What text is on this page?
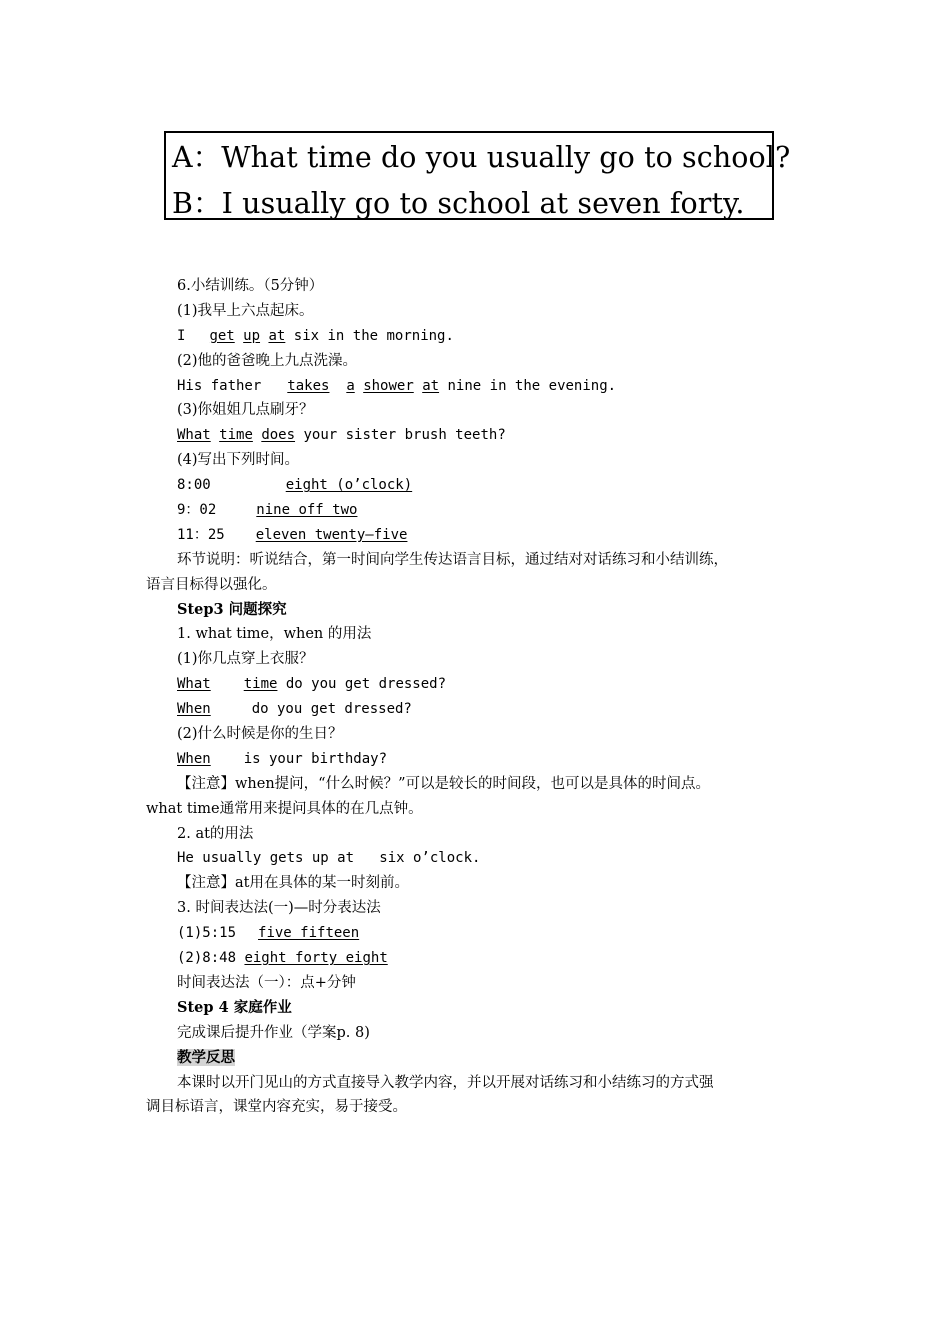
A：What time do you usually go to school?
B：I usually go to school at seven forty.
6.小结训练。（5分钟）
(1)我早上六点起床。
I get up at six in the morning.
(2)他的爸爸晚上九点洗澡。
His father takes a shower at nine in the evening.
(3)你姐姐几点刷牙？
What time does your sister brush teeth?
(4)写出下列时间。
8:00	eight (o’clock)
9：02	nine off two
11：25 eleven twenty—five
环节说明：听说结合，第一时间向学生传达语言目标，通过结对对话练习和小结训练，
语言目标得以强化。
Step3 问题探究
1. what time，when 的用法
(1)你几点穿上衣服？
What time do you get dressed?
When	do you get dressed?
(2)什么时候是你的生日？
When is your birthday?
【注意】when提问，“什么时候？”可以是较长的时间段，也可以是具体的时间点。
what time通常用来提问具体的在几点钟。
2. at的用法
He usually gets up at   six o’clock.
【注意】at用在具体的某一时刻前。
3. 时间表达法(一)—时分表达法
(1)5:15 five fifteen
(2)8:48 eight forty eight
时间表达法（一）：点+分钟
Step 4 家庭作业
完成课后提升作业（学案p. 8)
教学反思
本课时以开门见山的方式直接导入教学内容，并以开展对话练习和小结练习的方式强
调目标语言，课堂内容充实，易于接受。
